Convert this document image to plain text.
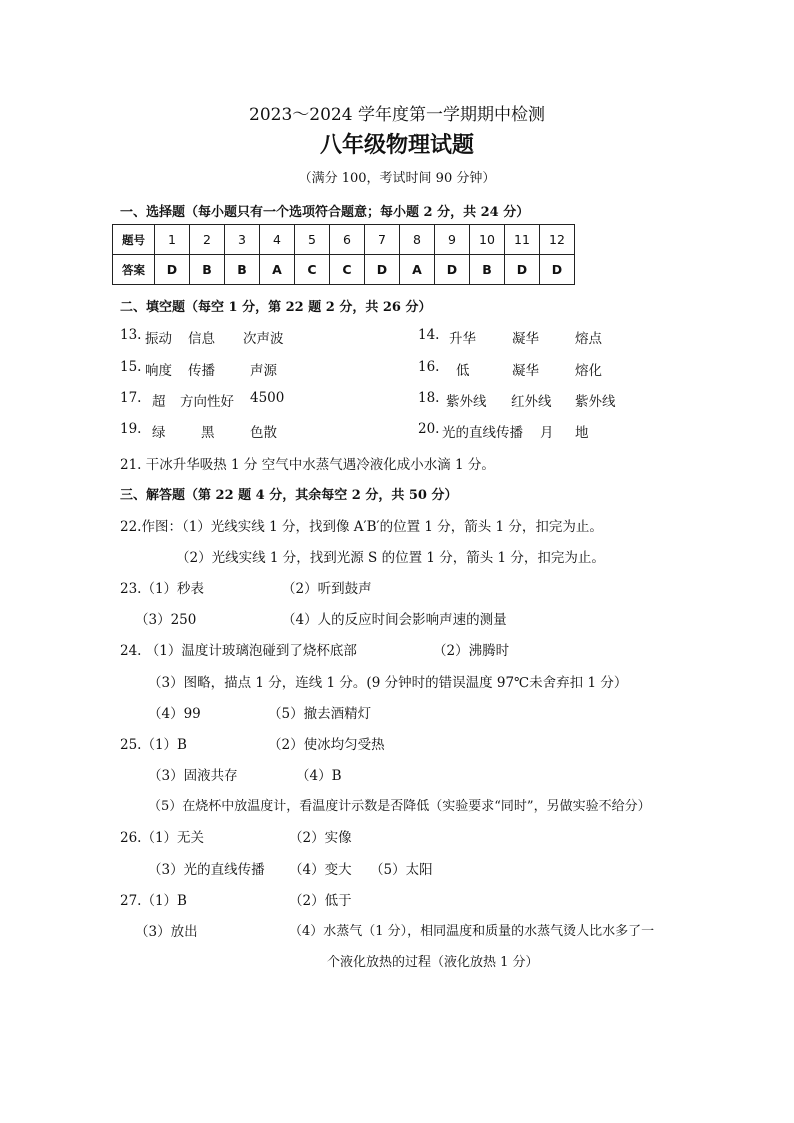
2023～2024 学年度第一学期期中检测
八年级物理试题
（满分 100，考试时间 90 分钟）
一、选择题（每小题只有一个选项符合题意；每小题 2 分，共 24 分）
题号	1	2	3	4	5	6	7	8	9	10	11	12
答案	D	B	B	A	C	C	D	A	D	B	D	D
二、填空题（每空 1 分，第 22 题 2 分，共 26 分）
13. 振动 信息 次声波	14. 升华	凝华	熔点
15. 响度 传播	声源	16. 低	凝华	熔化
17. 超 方向性好 4500	18. 紫外线 红外线 紫外线
19. 绿	黑	色散	20. 光的直线传播 月 地
21. 干冰升华吸热 1 分 空气中水蒸气遇冷液化成小水滴 1 分。
三、解答题（第 22 题 4 分，其余每空 2 分，共 50 分）
22.作图：（1）光线实线 1 分，找到像 A′B′的位置 1 分，箭头 1 分，扣完为止。
（2）光线实线 1 分，找到光源 S 的位置 1 分，箭头 1 分，扣完为止。
23.（1）秒表	（2）听到鼓声
（3）250	（4）人的反应时间会影响声速的测量
24. （1）温度计玻璃泡碰到了烧杯底部	（2）沸腾时
（3）图略，描点 1 分，连线 1 分。(9 分钟时的错误温度 97℃未舍弃扣 1 分）
（4）99	（5）撤去酒精灯
25.（1）B	（2）使冰均匀受热
（3）固液共存	（4）B
（5）在烧杯中放温度计，看温度计示数是否降低（实验要求“同时”，另做实验不给分）
26.（1）无关	（2）实像
（3）光的直线传播 （4）变大 （5）太阳
27.（1）B	（2）低于
（3）放出	（4）水蒸气（1 分），相同温度和质量的水蒸气烫人比水多了一
个液化放热的过程（液化放热 1 分）
